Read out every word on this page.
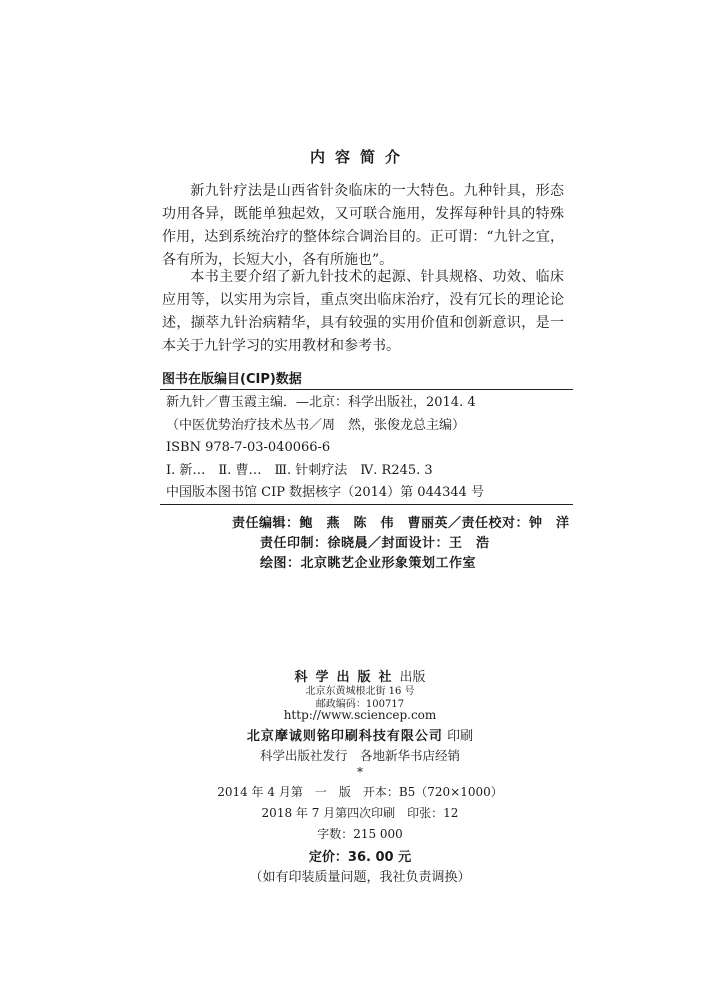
内容简介
新九针疗法是山西省针灸临床的一大特色。九种针具，形态功用各异，既能单独起效，又可联合施用，发挥每种针具的特殊作用，达到系统治疗的整体综合调治目的。正可谓：“九针之宜，各有所为，长短大小，各有所施也”。
本书主要介绍了新九针技术的起源、针具规格、功效、临床应用等，以实用为宗旨，重点突出临床治疗，没有冗长的理论论述，撷萃九针治病精华，具有较强的实用价值和创新意识，是一本关于九针学习的实用教材和参考书。
图书在版编目(CIP)数据
新九针／曹玉霞主编．—北京：科学出版社，2014. 4
（中医优势治疗技术丛书／周　然，张俊龙总主编）
ISBN 978-7-03-040066-6
Ⅰ. 新…　Ⅱ. 曹…　Ⅲ. 针刺疗法　Ⅳ. R245. 3
中国版本图书馆 CIP 数据核字（2014）第 044344 号
责任编辑：鲍　燕　陈　伟　曹丽英／责任校对：钟　洋
责任印制：徐晓晨／封面设计：王　浩
绘图：北京眺艺企业形象策划工作室
科学出版社出版
北京东黄城根北街 16 号
邮政编码：100717
http://www.sciencep.com
北京摩诚则铭印刷科技有限公司 印刷
科学出版社发行　各地新华书店经销
*
2014 年 4 月第　一　版　开本：B5（720×1000）
2018 年 7 月第四次印刷　印张：12
字数：215 000
定价：36. 00 元
（如有印装质量问题，我社负责调换）
